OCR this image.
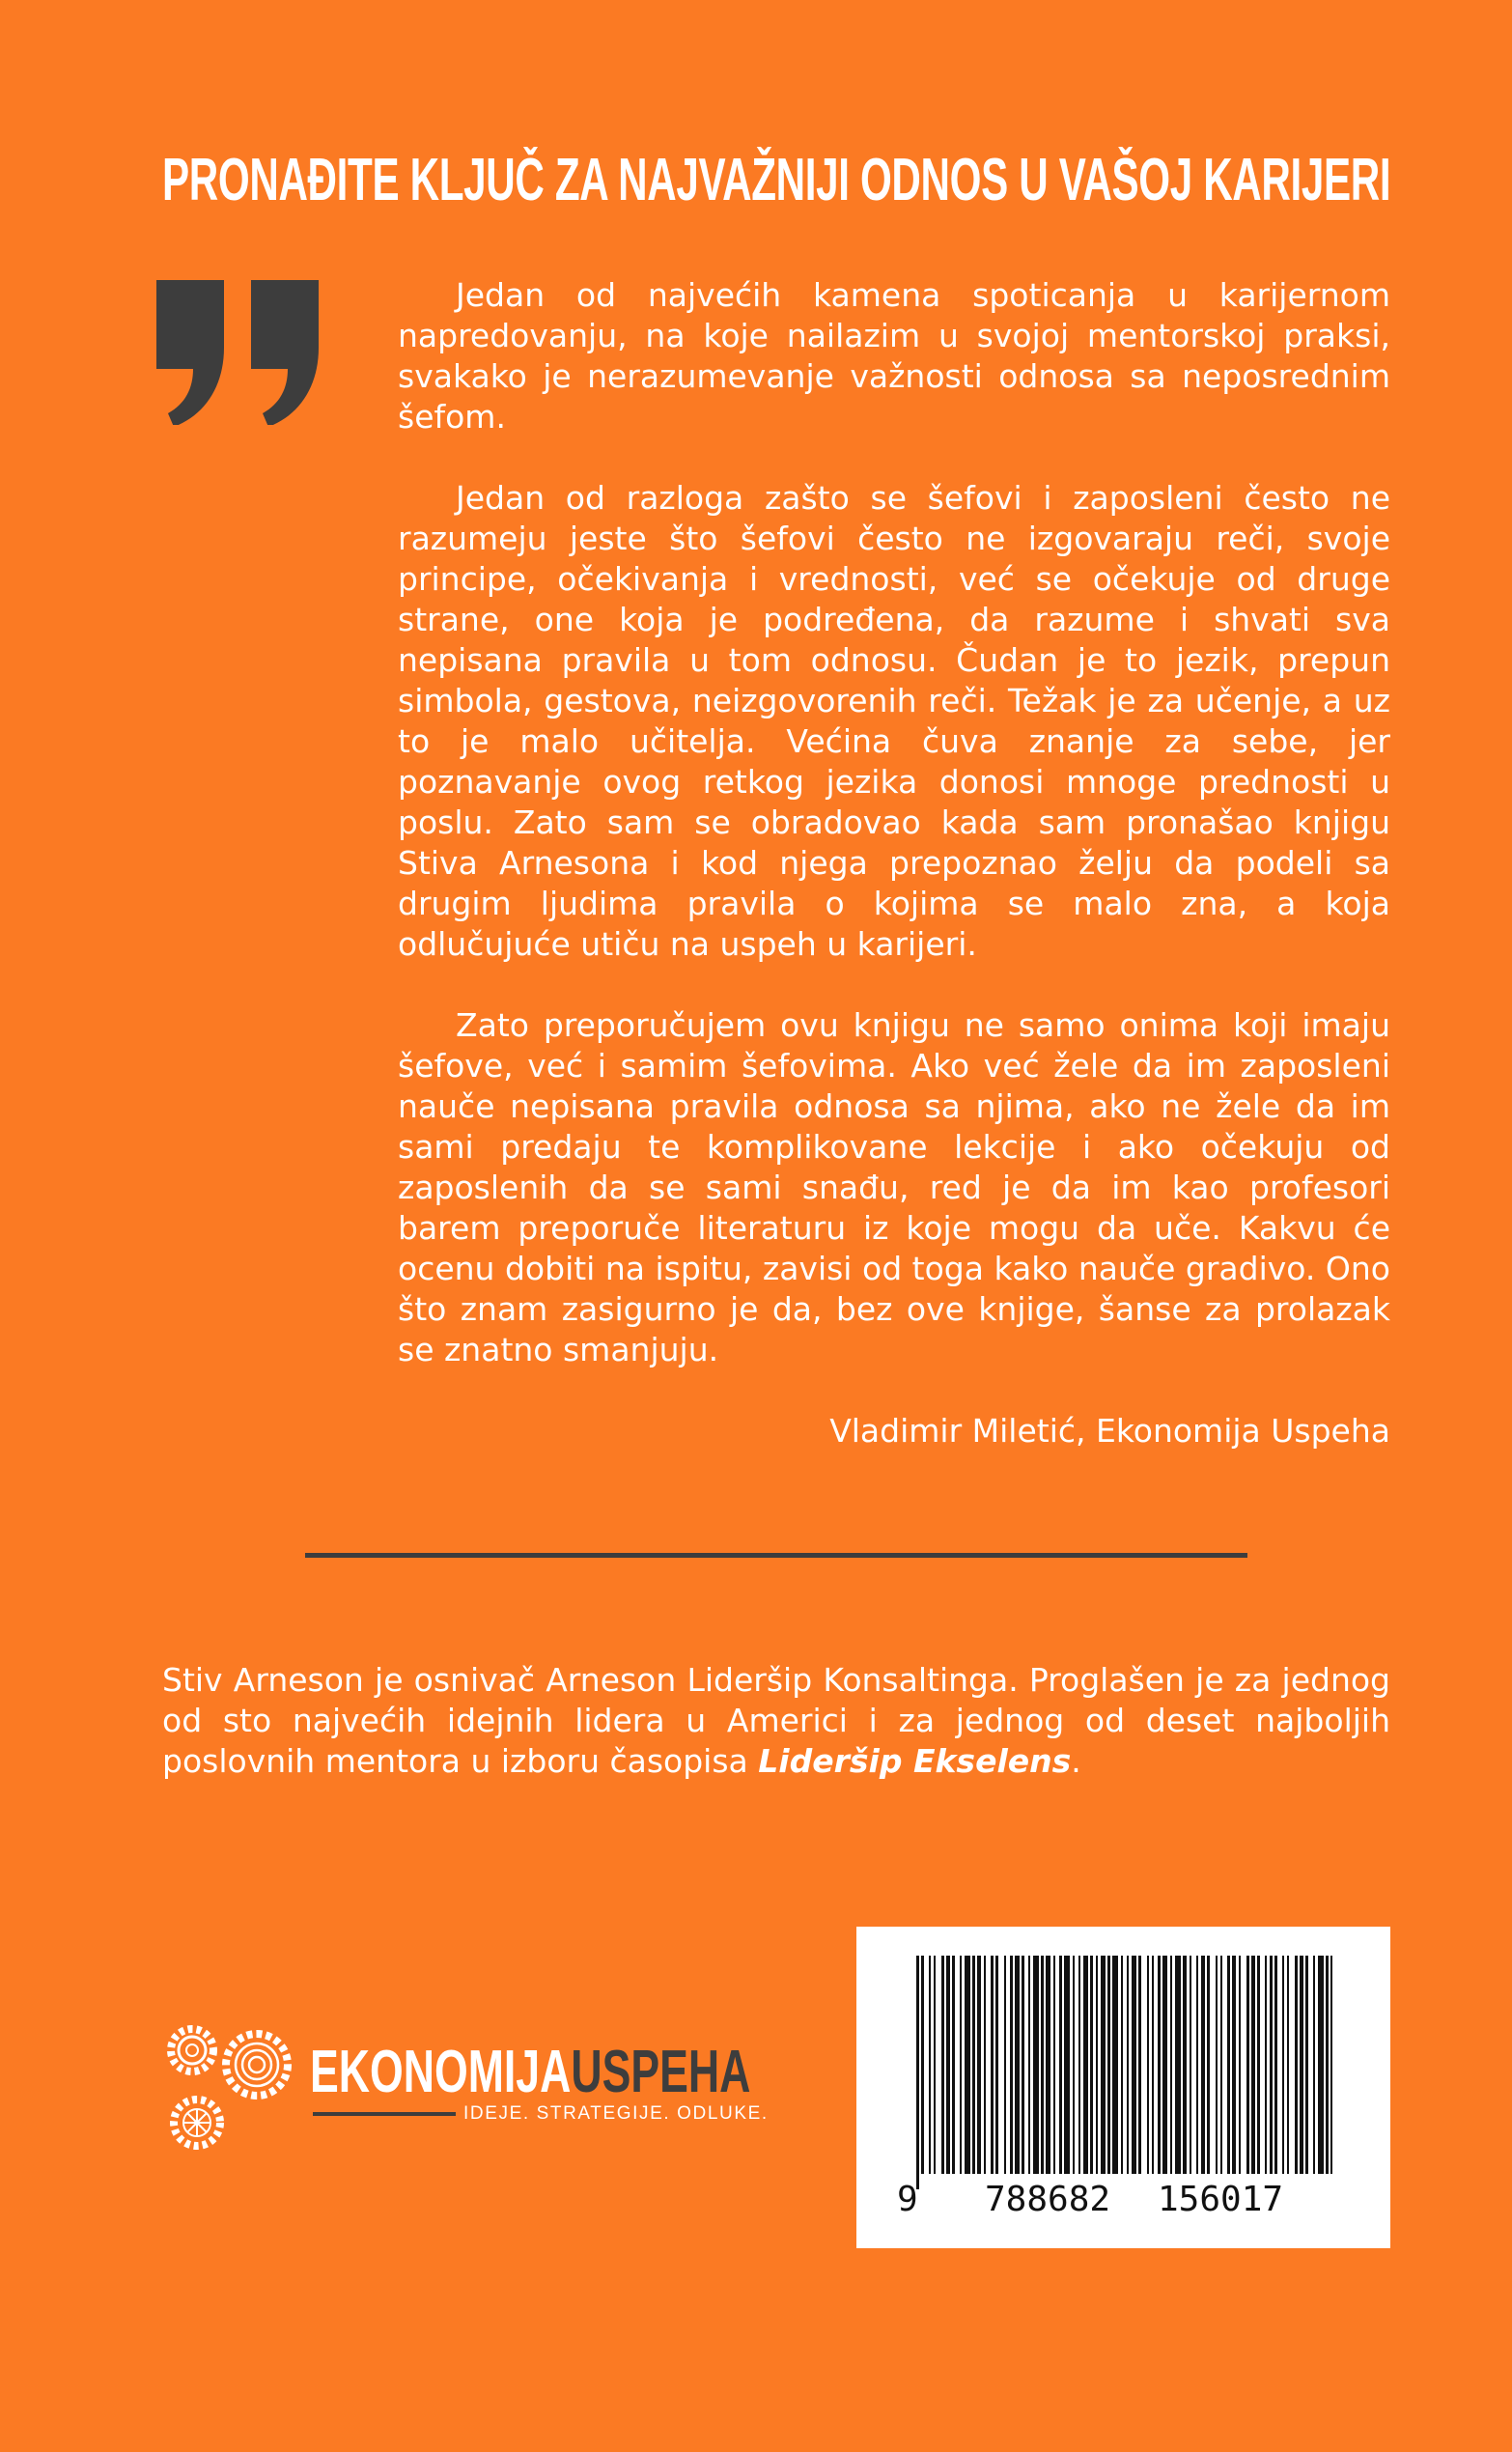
PRONAĐITE KLJUČ ZA NAJVAŽNIJI ODNOS U VAŠOJ KARIJERI

Jedan od najvećih kamena spoticanja u karijernom napredovanju, na koje nailazim u svojoj mentorskoj praksi, svakako je nerazumevanje važnosti odnosa sa neposrednim šefom.

Jedan od razloga zašto se šefovi i zaposleni često ne razumeju jeste što šefovi često ne izgovaraju reči, svoje principe, očekivanja i vrednosti, već se očekuje od druge strane, one koja je podređena, da razume i shvati sva nepisana pravila u tom odnosu. Čudan je to jezik, prepun simbola, gestova, neizgovorenih reči. Težak je za učenje, a uz to je malo učitelja. Većina čuva znanje za sebe, jer poznavanje ovog retkog jezika donosi mnoge prednosti u poslu. Zato sam se obradovao kada sam pronašao knjigu Stiva Arnesona i kod njega prepoznao želju da podeli sa drugim ljudima pravila o kojima se malo zna, a koja odlučujuće utiču na uspeh u karijeri.

Zato preporučujem ovu knjigu ne samo onima koji imaju šefove, već i samim šefovima. Ako već žele da im zaposleni nauče nepisana pravila odnosa sa njima, ako ne žele da im sami predaju te komplikovane lekcije i ako očekuju od zaposlenih da se sami snađu, red je da im kao profesori barem preporuče literaturu iz koje mogu da uče. Kakvu će ocenu dobiti na ispitu, zavisi od toga kako nauče gradivo. Ono što znam zasigurno je da, bez ove knjige, šanse za prolazak se znatno smanjuju.

Vladimir Miletić, Ekonomija Uspeha
Stiv Arneson je osnivač Arneson Lideršip Konsaltinga. Proglašen je za jednog od sto najvećih idejnih lidera u Americi i za jednog od deset najboljih poslovnih mentora u izboru časopisa Lideršip Ekselens.
EKONOMIJAUSPEHA
IDEJE. STRATEGIJE. ODLUKE.
9 788682 156017
